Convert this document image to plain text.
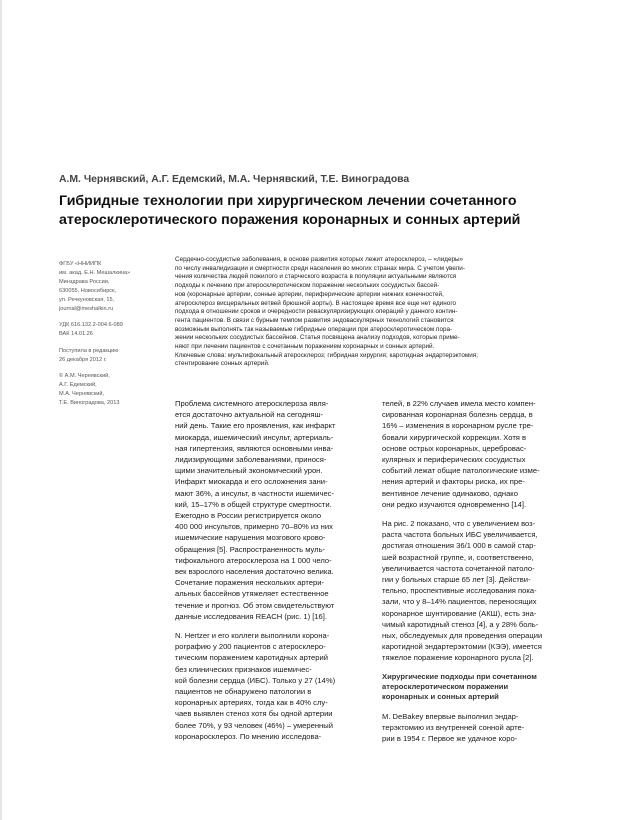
А.М. Чернявский, А.Г. Едемский, М.А. Чернявский, Т.Е. Виноградова
Гибридные технологии при хирургическом лечении сочетанного
атеросклеротического поражения коронарных и сонных артерий
ФГБУ «ННИИПК
им. акад. Е.Н. Мешалкина»
Минздрава России,
630055, Новосибирск,
ул. Речкуновская, 15,
journal@meshalkin.ru
УДК 616.132.2-004.6-089
ВАК 14.01.26
Поступила в редакцию
26 декабря 2012 г.
© А.М. Чернявский,
А.Г. Едемский,
М.А. Чернявский,
Т.Е. Виноградова, 2013
Сердечно-сосудистые заболевания, в основе развития которых лежит атеросклероз, – «лидеры»
по числу инвалидизации и смертности среди населения во многих странах мира. С учетом увели-
чения количества людей пожилого и старческого возраста в популяции актуальными являются
подходы к лечению при атеросклеротическом поражении нескольких сосудистых бассей-
нов (коронарные артерии, сонные артерии, периферические артерии нижних конечностей,
атеросклероз висцеральных ветвей брюшной аорты). В настоящее время все еще нет единого
подхода в отношении сроков и очередности реваскуляризирующих операций у данного контин-
гента пациентов. В связи с бурным темпом развития эндоваскулярных технологий становится
возможным выполнять так называемые гибридные операции при атеросклеротическом пора-
жении нескольких сосудистых бассейнов. Статья посвящена анализу подходов, которые приме-
няют при лечении пациентов с сочетанным поражением коронарных и сонных артерий.
Ключевые слова: мультифокальный атеросклероз; гибридная хирургия; каротидная эндартерэктомия;
стентирование сонных артерий.
Проблема системного атеросклероза явля-
ется достаточно актуальной на сегодняш-
ний день. Такие его проявления, как инфаркт
миокарда, ишемический инсульт, артериаль-
ная гипертензия, являются основными инва-
лидизирующими заболеваниями, принося-
щими значительный экономический урон.
Инфаркт миокарда и его осложнения зани-
мают 36%, а инсульт, в частности ишемичес-
кий, 15–17% в общей структуре смертности.
Ежегодно в России регистрируется около
400 000 инсультов, примерно 70–80% из них
ишемические нарушения мозгового крово-
обращения [5]. Распространенность муль-
тифокального атеросклероза на 1 000 чело-
век взрослого населения достаточно велика.
Сочетание поражения нескольких артери-
альных бассейнов утяжеляет естественное
течение и прогноз. Об этом свидетельствуют
данные исследования REACH (рис. 1) [16].
N. Hertzer и его коллеги выполнили корона-
рографию у 200 пациентов с атеросклеро-
тическим поражением каротидных артерий
без клинических признаков ишемичес-
кой болезни сердца (ИБС). Только у 27 (14%)
пациентов не обнаружено патологии в
коронарных артериях, тогда как в 40% слу-
чаев выявлен стеноз хотя бы одной артерии
более 70%, у 93 человек (46%) – умеренный
коронаросклероз. По мнению исследова-
телей, в 22% случаев имела место компен-
сированная коронарная болезнь сердца, в
16% – изменения в коронарном русле тре-
бовали хирургической коррекции. Хотя в
основе острых коронарных, церебровас-
кулярных и периферических сосудистых
событий лежат общие патологические изме-
нения артерий и факторы риска, их пре-
вентивное лечение одинаково, однако
они редко изучаются одновременно [14].
На рис. 2 показано, что с увеличением воз-
раста частота больных ИБС увеличивается,
достигая отношения 36/1 000 в самой стар-
шей возрастной группе, и, соответственно,
увеличивается частота сочетанной патоло-
гии у больных старше 65 лет [3]. Действи-
тельно, проспективные исследования пока-
зали, что у 8–14% пациентов, переносящих
коронарное шунтирование (АКШ), есть зна-
чимый каротидный стеноз [4], а у 28% боль-
ных, обследуемых для проведения операции
каротидной эндартерэктомии (КЭЭ), имеется
тяжелое поражение коронарного русла [2].
Хирургические подходы при сочетанном
атеросклеротическом поражении
коронарных и сонных артерий
М. DeBakey впервые выполнил эндар-
терэктомию из внутренней сонной арте-
рии в 1954 г. Первое же удачное коро-
